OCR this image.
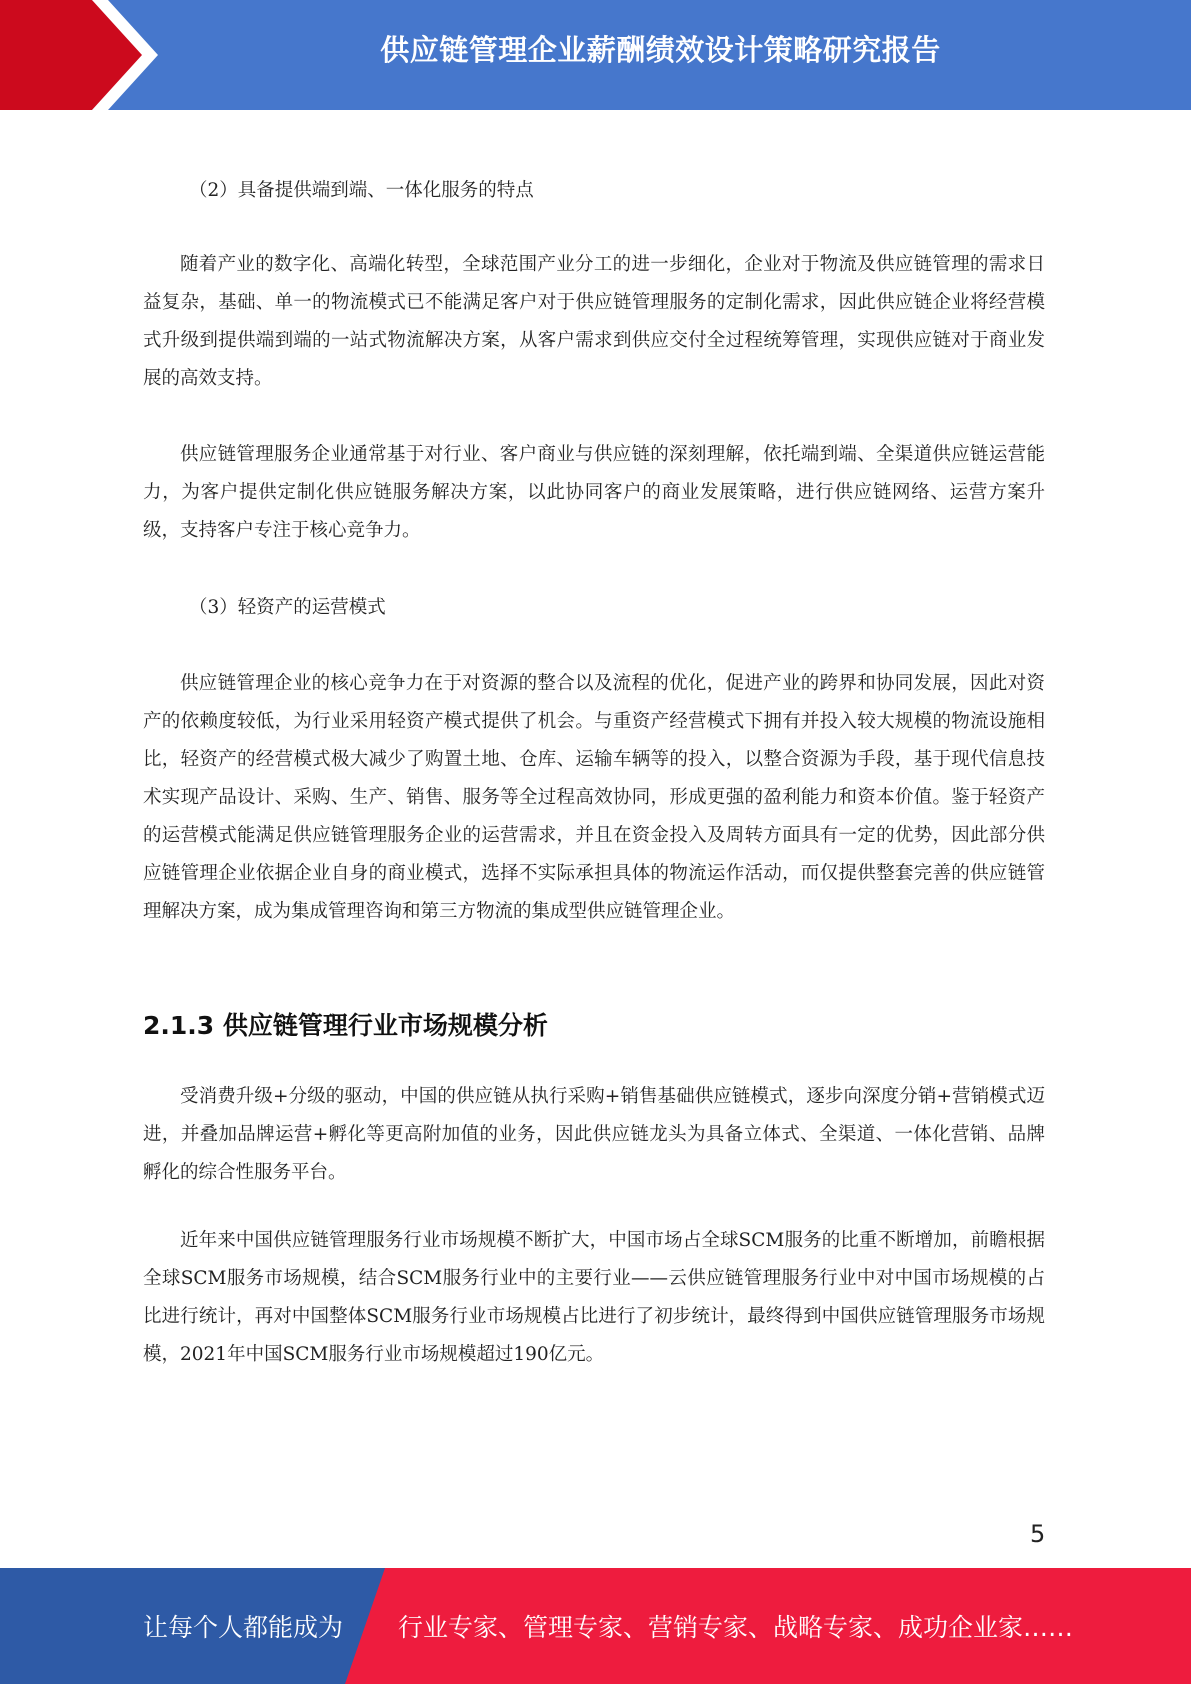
供应链管理企业薪酬绩效设计策略研究报告
（2）具备提供端到端、一体化服务的特点
随着产业的数字化、高端化转型，全球范围产业分工的进一步细化，企业对于物流及供应链管理的需求日益复杂，基础、单一的物流模式已不能满足客户对于供应链管理服务的定制化需求，因此供应链企业将经营模式升级到提供端到端的一站式物流解决方案，从客户需求到供应交付全过程统筹管理，实现供应链对于商业发展的高效支持。
供应链管理服务企业通常基于对行业、客户商业与供应链的深刻理解，依托端到端、全渠道供应链运营能力，为客户提供定制化供应链服务解决方案，以此协同客户的商业发展策略，进行供应链网络、运营方案升级，支持客户专注于核心竞争力。
（3）轻资产的运营模式
供应链管理企业的核心竞争力在于对资源的整合以及流程的优化，促进产业的跨界和协同发展，因此对资产的依赖度较低，为行业采用轻资产模式提供了机会。与重资产经营模式下拥有并投入较大规模的物流设施相比，轻资产的经营模式极大减少了购置土地、仓库、运输车辆等的投入，以整合资源为手段，基于现代信息技术实现产品设计、采购、生产、销售、服务等全过程高效协同，形成更强的盈利能力和资本价值。鉴于轻资产的运营模式能满足供应链管理服务企业的运营需求，并且在资金投入及周转方面具有一定的优势，因此部分供应链管理企业依据企业自身的商业模式，选择不实际承担具体的物流运作活动，而仅提供整套完善的供应链管理解决方案，成为集成管理咨询和第三方物流的集成型供应链管理企业。
2.1.3 供应链管理行业市场规模分析
受消费升级+分级的驱动，中国的供应链从执行采购+销售基础供应链模式，逐步向深度分销+营销模式迈进，并叠加品牌运营+孵化等更高附加值的业务，因此供应链龙头为具备立体式、全渠道、一体化营销、品牌孵化的综合性服务平台。
近年来中国供应链管理服务行业市场规模不断扩大，中国市场占全球SCM服务的比重不断增加，前瞻根据全球SCM服务市场规模，结合SCM服务行业中的主要行业——云供应链管理服务行业中对中国市场规模的占比进行统计，再对中国整体SCM服务行业市场规模占比进行了初步统计，最终得到中国供应链管理服务市场规模，2021年中国SCM服务行业市场规模超过190亿元。
5
让每个人都能成为 行业专家、管理专家、营销专家、战略专家、成功企业家……
